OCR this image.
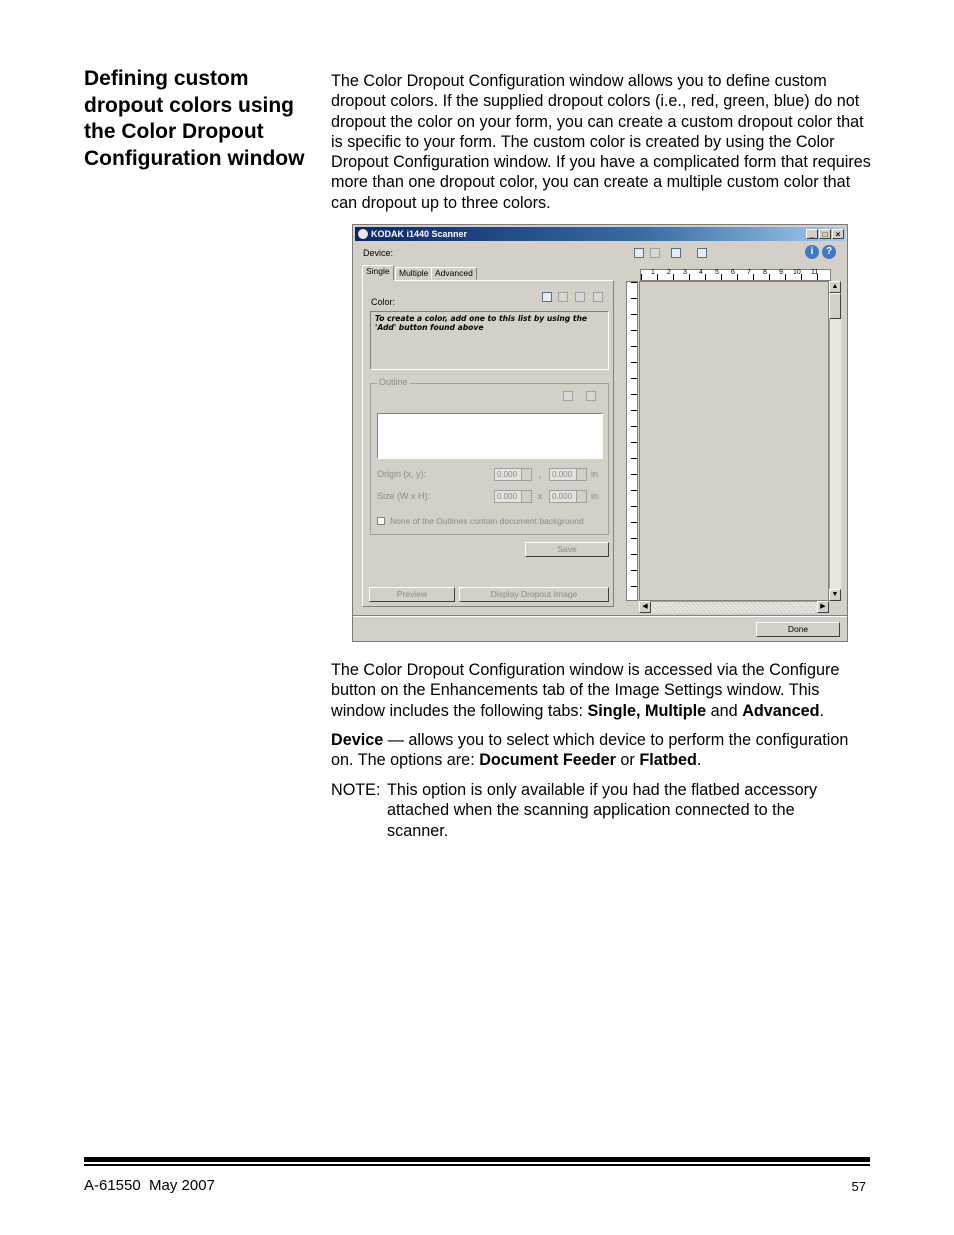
Defining custom dropout colors using the Color Dropout Configuration window

The Color Dropout Configuration window allows you to define custom dropout colors. If the supplied dropout colors (i.e., red, green, blue) do not dropout the color on your form, you can create a custom dropout color that is specific to your form. The custom color is created by using the Color Dropout Configuration window. If you have a complicated form that requires more than one dropout color, you can create a multiple custom color that can dropout up to three colors.

KODAK i1440 Scanner	_	□	×
Device:	i	?
Single	Multiple Advanced
Color:
To create a color, add one to this list by using the 'Add' button found above
Outline
Origin (x, y):	0.000	,	0.000	in
Size (W x H):	0.000	x	0.000	in
None of the Outlines contain document background
Save
Preview	Display Dropout Image
1 2 3 4 5 6 7 8 9 10 11
▲
▼
◀	▶
Done

The Color Dropout Configuration window is accessed via the Configure button on the Enhancements tab of the Image Settings window. This window includes the following tabs: Single, Multiple and Advanced.

Device — allows you to select which device to perform the configuration on. The options are: Document Feeder or Flatbed.

NOTE: This option is only available if you had the flatbed accessory attached when the scanning application connected to the scanner.
A-61550  May 2007	57
